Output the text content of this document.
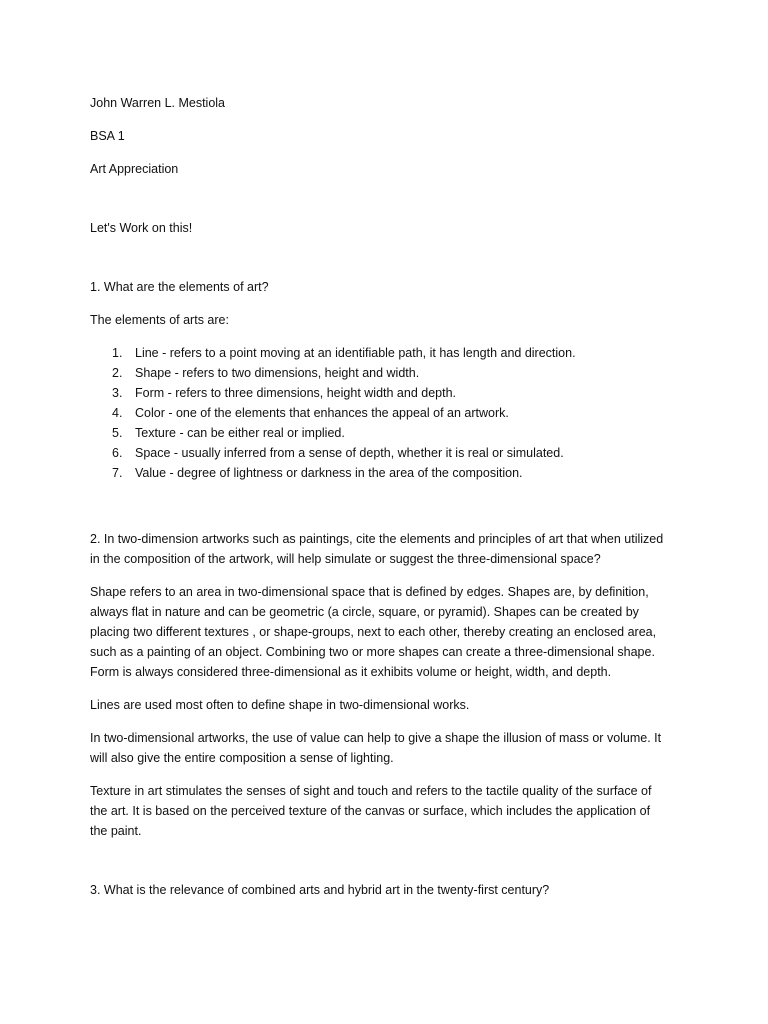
John Warren L. Mestiola

BSA 1

Art Appreciation

Let's Work on this!

1. What are the elements of art?

The elements of arts are:

1. Line - refers to a point moving at an identifiable path, it has length and direction.
2. Shape - refers to two dimensions, height and width.
3. Form - refers to three dimensions, height width and depth.
4. Color - one of the elements that enhances the appeal of an artwork.
5. Texture - can be either real or implied.
6. Space - usually inferred from a sense of depth, whether it is real or simulated.
7. Value - degree of lightness or darkness in the area of the composition.

2. In two-dimension artworks such as paintings, cite the elements and principles of art that when utilized in the composition of the artwork, will help simulate or suggest the three-dimensional space?

Shape refers to an area in two-dimensional space that is defined by edges. Shapes are, by definition, always flat in nature and can be geometric (a circle, square, or pyramid). Shapes can be created by placing two different textures , or shape-groups, next to each other, thereby creating an enclosed area, such as a painting of an object. Combining two or more shapes can create a three-dimensional shape. Form is always considered three-dimensional as it exhibits volume or height, width, and depth.

Lines are used most often to define shape in two-dimensional works.

In two-dimensional artworks, the use of value can help to give a shape the illusion of mass or volume. It will also give the entire composition a sense of lighting.

Texture in art stimulates the senses of sight and touch and refers to the tactile quality of the surface of the art. It is based on the perceived texture of the canvas or surface, which includes the application of the paint.

3. What is the relevance of combined arts and hybrid art in the twenty-first century?
